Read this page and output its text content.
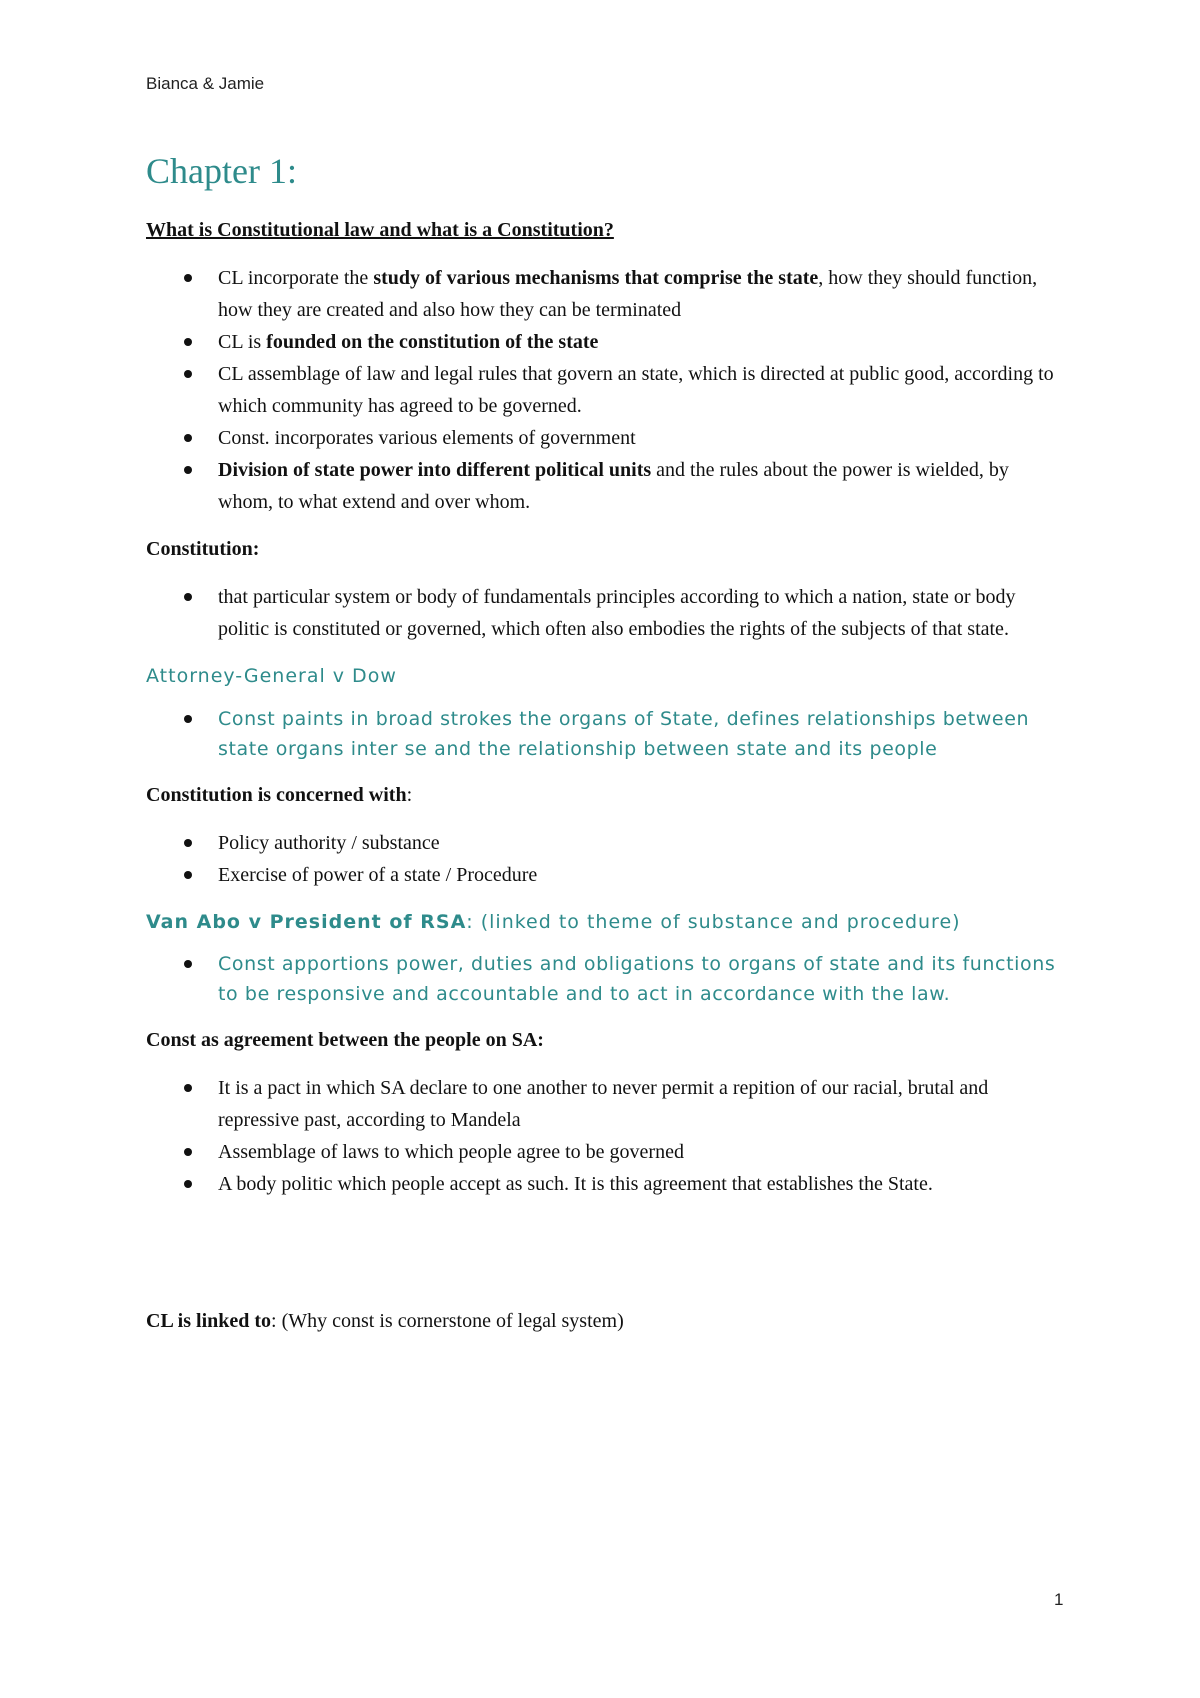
Bianca & Jamie
Chapter 1:

What is Constitutional law and what is a Constitution?

CL incorporate the study of various mechanisms that comprise the state, how they should function, how they are created and also how they can be terminated
CL is founded on the constitution of the state
CL assemblage of law and legal rules that govern an state, which is directed at public good, according to which community has agreed to be governed.
Const. incorporates various elements of government
Division of state power into different political units and the rules about the power is wielded, by whom, to what extend and over whom.

Constitution:

that particular system or body of fundamentals principles according to which a nation, state or body politic is constituted or governed, which often also embodies the rights of the subjects of that state.

Attorney-General v Dow

Const paints in broad strokes the organs of State, defines relationships between state organs inter se and the relationship between state and its people

Constitution is concerned with:

Policy authority / substance
Exercise of power of a state / Procedure

Van Abo v President of RSA: (linked to theme of substance and procedure)

Const apportions power, duties and obligations to organs of state and its functions to be responsive and accountable and to act in accordance with the law.

Const as agreement between the people on SA:

It is a pact in which SA declare to one another to never permit a repition of our racial, brutal and repressive past, according to Mandela
Assemblage of laws to which people agree to be governed
A body politic which people accept as such. It is this agreement that establishes the State.

CL is linked to: (Why const is cornerstone of legal system)

1
